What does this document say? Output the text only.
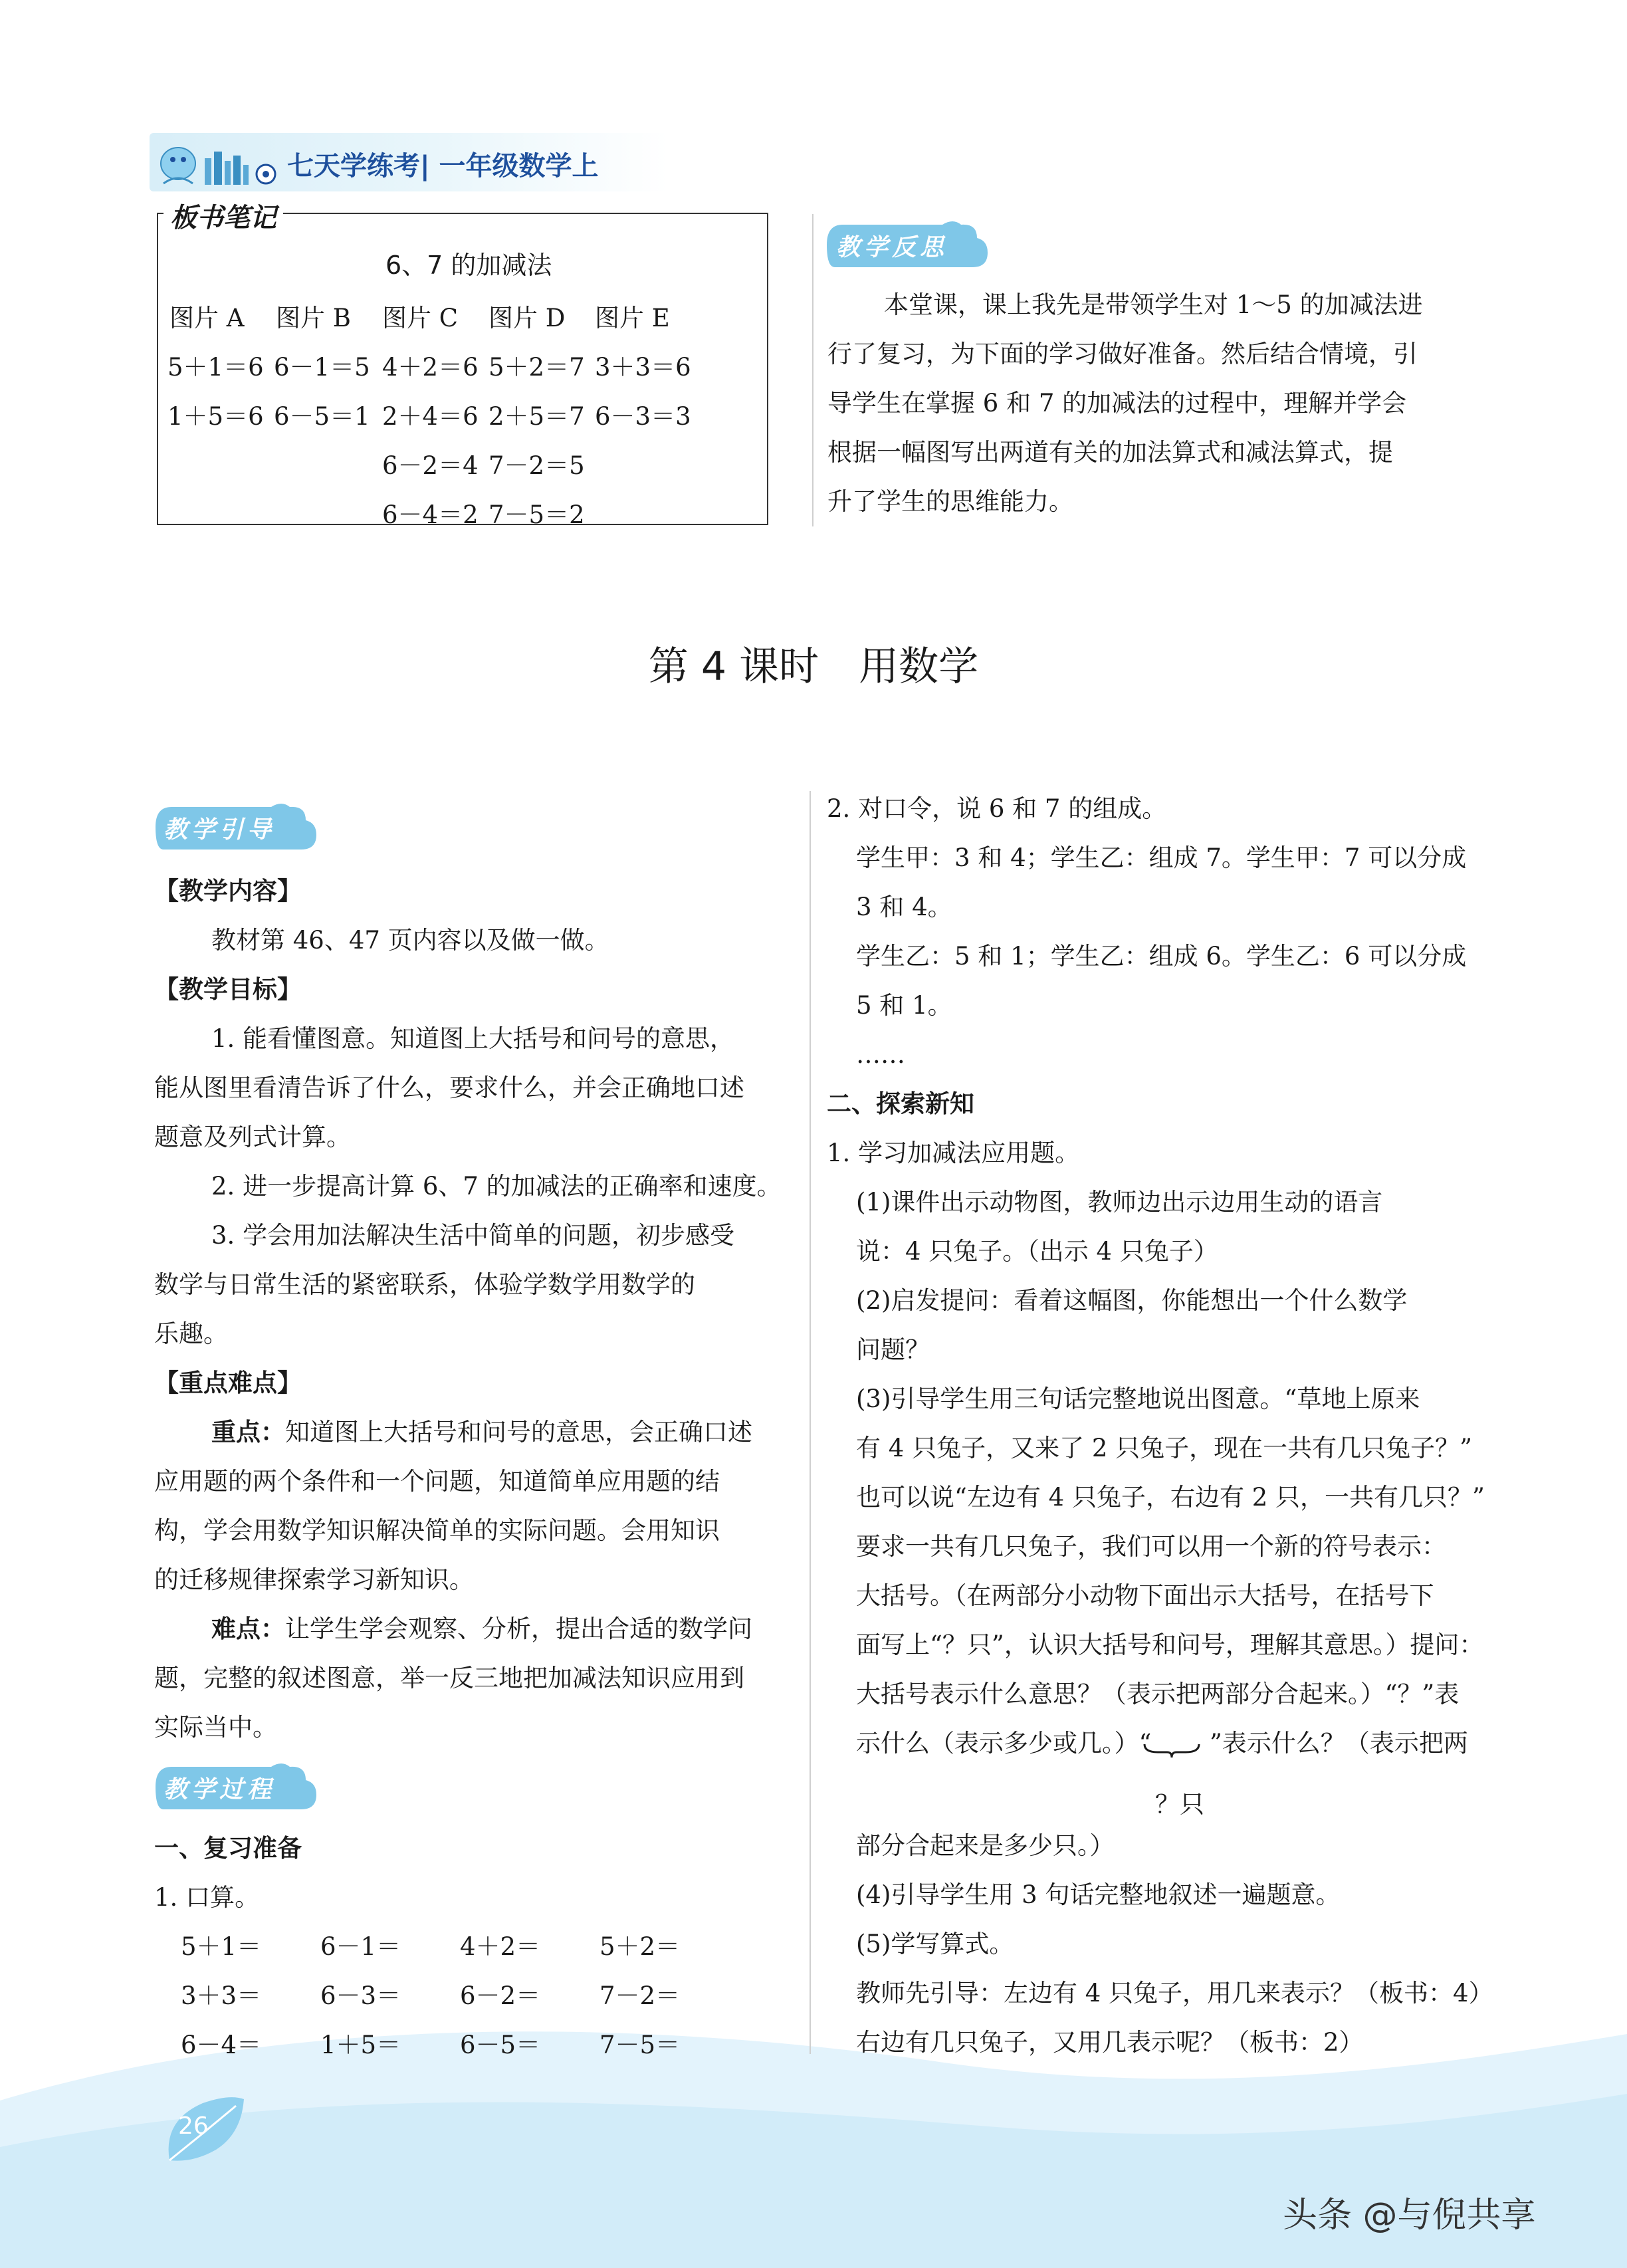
七天学练考| 一年级数学上
板书笔记
6、7 的加减法
图片 A 图片 B 图片 C 图片 D 图片 E
5＋1＝6
1＋5＝6
6－1＝5
6－5＝1
4＋2＝6
2＋4＝6
6－2＝4
6－4＝2
5＋2＝7
2＋5＝7
7－2＝5
7－5＝2
3＋3＝6
6－3＝3
教学反思
本堂课，课上我先是带领学生对 1～5 的加减法进
行了复习，为下面的学习做好准备。然后结合情境，引
导学生在掌握 6 和 7 的加减法的过程中，理解并学会
根据一幅图写出两道有关的加法算式和减法算式，提
升了学生的思维能力。
第 4 课时　用数学
教学引导
【教学内容】
教材第 46、47 页内容以及做一做。
【教学目标】
1. 能看懂图意。知道图上大括号和问号的意思，
能从图里看清告诉了什么，要求什么，并会正确地口述
题意及列式计算。
2. 进一步提高计算 6、7 的加减法的正确率和速度。
3. 学会用加法解决生活中简单的问题，初步感受
数学与日常生活的紧密联系，体验学数学用数学的
乐趣。
【重点难点】
重点：知道图上大括号和问号的意思，会正确口述
应用题的两个条件和一个问题，知道简单应用题的结
构，学会用数学知识解决简单的实际问题。会用知识
的迁移规律探索学习新知识。
难点：让学生学会观察、分析，提出合适的数学问
题，完整的叙述图意，举一反三地把加减法知识应用到
实际当中。
教学过程
一、复习准备
1. 口算。
5＋1＝ 6－1＝ 4＋2＝ 5＋2＝
3＋3＝ 6－3＝ 6－2＝ 7－2＝
6－4＝ 1＋5＝ 6－5＝ 7－5＝
2. 对口令，说 6 和 7 的组成。
学生甲：3 和 4；学生乙：组成 7。学生甲：7 可以分成
3 和 4。
学生乙：5 和 1；学生乙：组成 6。学生乙：6 可以分成
5 和 1。
……
二、探索新知
1. 学习加减法应用题。
(1)课件出示动物图，教师边出示边用生动的语言
说：4 只兔子。（出示 4 只兔子）
(2)启发提问：看着这幅图，你能想出一个什么数学
问题？
(3)引导学生用三句话完整地说出图意。“草地上原来
有 4 只兔子，又来了 2 只兔子，现在一共有几只兔子？”
也可以说“左边有 4 只兔子，右边有 2 只，一共有几只？”
要求一共有几只兔子，我们可以用一个新的符号表示：
大括号。（在两部分小动物下面出示大括号，在括号下
面写上“？只”，认识大括号和问号，理解其意思。）提问：
大括号表示什么意思？（表示把两部分合起来。）“？”表
示什么（表示多少或几。）“ ”表示什么？（表示把两
？只
部分合起来是多少只。）
(4)引导学生用 3 句话完整地叙述一遍题意。
(5)学写算式。
教师先引导：左边有 4 只兔子，用几来表示？（板书：4）
右边有几只兔子，又用几表示呢？（板书：2）
26
头条 @与倪共享
